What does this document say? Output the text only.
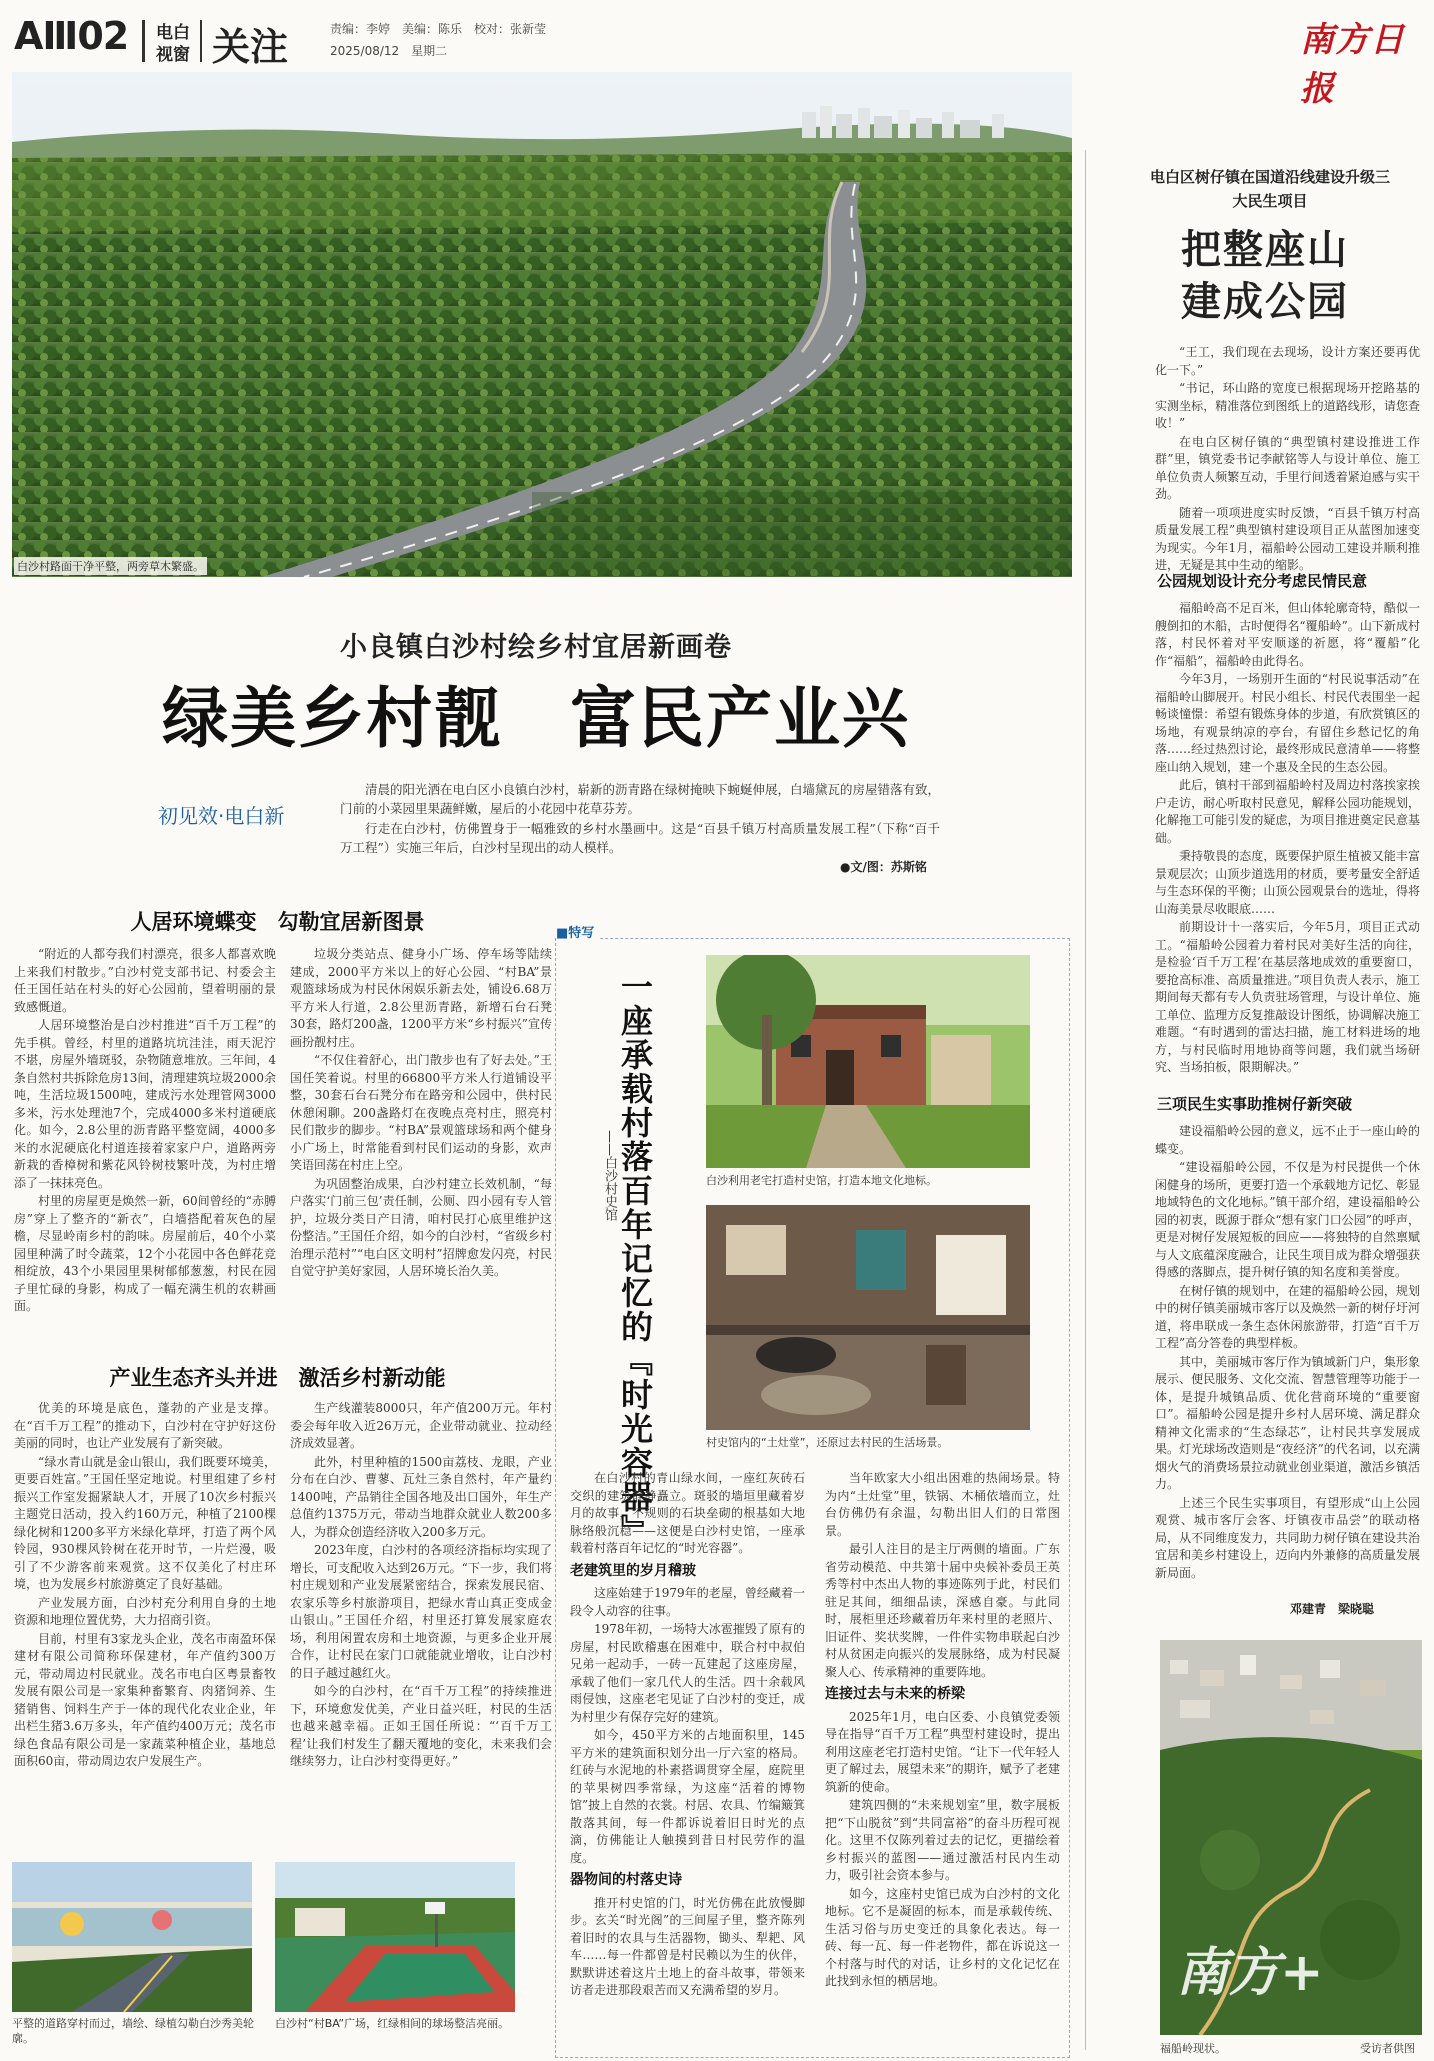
AⅢ02 电白
视窗 关注	责编：李婷　美编：陈乐　校对：张新莹
2025/08/12　星期二	南方日报
白沙村路面干净平整，两旁草木繁盛。
小良镇白沙村绘乡村宜居新画卷
绿美乡村靓　富民产业兴
初见效·电白新

清晨的阳光洒在电白区小良镇白沙村，崭新的沥青路在绿树掩映下蜿蜒伸展，白墙黛瓦的房屋错落有致，门前的小菜园里果蔬鲜嫩，屋后的小花园中花草芬芳。

行走在白沙村，仿佛置身于一幅雅致的乡村水墨画中。这是“百县千镇万村高质量发展工程”（下称“百千万工程”）实施三年后，白沙村呈现出的动人模样。

●文/图：苏斯铭
人居环境蝶变　勾勒宜居新图景

“附近的人都夸我们村漂亮，很多人都喜欢晚上来我们村散步。”白沙村党支部书记、村委会主任王国任站在村头的好心公园前，望着明丽的景致感慨道。

人居环境整治是白沙村推进“百千万工程”的先手棋。曾经，村里的道路坑坑洼洼，雨天泥泞不堪，房屋外墙斑驳，杂物随意堆放。三年间，4条自然村共拆除危房13间，清理建筑垃圾2000余吨，生活垃圾1500吨，建成污水处理管网3000多米，污水处理池7个，完成4000多米村道硬底化。如今，2.8公里的沥青路平整宽阔，4000多米的水泥硬底化村道连接着家家户户，道路两旁新栽的香樟树和紫花风铃树枝繁叶茂，为村庄增添了一抹抹亮色。

村里的房屋更是焕然一新，60间曾经的“赤膊房”穿上了整齐的“新衣”，白墙搭配着灰色的屋檐，尽显岭南乡村的韵味。房屋前后，40个小菜园里种满了时令蔬菜，12个小花园中各色鲜花竞相绽放，43个小果园里果树郁郁葱葱，村民在园子里忙碌的身影，构成了一幅充满生机的农耕画面。

垃圾分类站点、健身小广场、停车场等陆续建成，2000平方米以上的好心公园、“村BA”景观篮球场成为村民休闲娱乐新去处，铺设6.68万平方米人行道，2.8公里沥青路，新增石台石凳30套，路灯200盏，1200平方米“乡村振兴”宣传画扮靓村庄。

“不仅住着舒心，出门散步也有了好去处。”王国任笑着说。村里的66800平方米人行道铺设平整，30套石台石凳分布在路旁和公园中，供村民休憩闲聊。200盏路灯在夜晚点亮村庄，照亮村民们散步的脚步。“村BA”景观篮球场和两个健身小广场上，时常能看到村民们运动的身影，欢声笑语回荡在村庄上空。

为巩固整治成果，白沙村建立长效机制，“每户落实‘门前三包’责任制，公厕、四小园有专人管护，垃圾分类日产日清，咱村民打心底里维护这份整洁。”王国任介绍，如今的白沙村，“省级乡村治理示范村”“电白区文明村”招牌愈发闪亮，村民自觉守护美好家园，人居环境长治久美。

产业生态齐头并进　激活乡村新动能

优美的环境是底色，蓬勃的产业是支撑。在“百千万工程”的推动下，白沙村在守护好这份美丽的同时，也让产业发展有了新突破。

“绿水青山就是金山银山，我们既要环境美，更要百姓富。”王国任坚定地说。村里组建了乡村振兴工作室发掘紧缺人才，开展了10次乡村振兴主题党日活动，投入约160万元，种植了2100棵绿化树和1200多平方米绿化草坪，打造了两个风铃园，930棵风铃树在花开时节，一片烂漫，吸引了不少游客前来观赏。这不仅美化了村庄环境，也为发展乡村旅游奠定了良好基础。

产业发展方面，白沙村充分利用自身的土地资源和地理位置优势，大力招商引资。

目前，村里有3家龙头企业，茂名市南盈环保建材有限公司简称环保建材，年产值约300万元，带动周边村民就业。茂名市电白区粤景畜牧发展有限公司是一家集种畜繁育、肉猪饲养、生猪销售、饲料生产于一体的现代化农业企业，年出栏生猪3.6万多头，年产值约400万元；茂名市绿色食品有限公司是一家蔬菜种植企业，基地总面积60亩，带动周边农户发展生产。

生产线灌装8000只，年产值200万元。年村委会每年收入近26万元，企业带动就业、拉动经济成效显著。

此外，村里种植的1500亩荔枝、龙眼，产业分布在白沙、曹蓼、瓦灶三条自然村，年产量约1400吨，产品销往全国各地及出口国外，年生产总值约1375万元，带动当地群众就业人数200多人，为群众创造经济收入200多万元。

2023年度，白沙村的各项经济指标均实现了增长，可支配收入达到26万元。“下一步，我们将村庄规划和产业发展紧密结合，探索发展民宿、农家乐等乡村旅游项目，把绿水青山真正变成金山银山。”王国任介绍，村里还打算发展家庭农场，利用闲置农房和土地资源，与更多企业开展合作，让村民在家门口就能就业增收，让白沙村的日子越过越红火。

如今的白沙村，在“百千万工程”的持续推进下，环境愈发优美，产业日益兴旺，村民的生活也越来越幸福。正如王国任所说：“‘百千万工程’让我们村发生了翻天覆地的变化，未来我们会继续努力，让白沙村变得更好。”

平整的道路穿村而过，墙绘、绿植勾勒白沙秀美轮廓。
白沙村“村BA”广场，红绿相间的球场整洁亮丽。
■特写
一座承载村落百年记忆的『时光容器』
——白沙村史馆	白沙利用老宅打造村史馆，打造本地文化地标。
村史馆内的“土灶堂”，还原过去村民的生活场景。

在白沙村的青山绿水间，一座红灰砖石交织的建筑静静矗立。斑驳的墙垣里藏着岁月的故事，不规则的石块垒砌的根基如大地脉络般沉稳——这便是白沙村史馆，一座承载着村落百年记忆的“时光容器”。

老建筑里的岁月稽玻

这座始建于1979年的老屋，曾经藏着一段令人动容的往事。

1978年初，一场特大冰雹摧毁了原有的房屋，村民欧稽惠在困难中，联合村中叔伯兄弟一起动手，一砖一瓦建起了这座房屋，承载了他们一家几代人的生活。四十余载风雨侵蚀，这座老宅见证了白沙村的变迁，成为村里少有保存完好的建筑。

如今，450平方米的占地面积里，145平方米的建筑面积划分出一厅六室的格局。红砖与水泥地的朴素搭调贯穿全屋，庭院里的苹果树四季常绿，为这座“活着的博物馆”披上自然的衣裳。村居、农具、竹编簸箕散落其间，每一件都诉说着旧日时光的点滴，仿佛能让人触摸到昔日村民劳作的温度。

器物间的村落史诗

推开村史馆的门，时光仿佛在此放慢脚步。玄关“时光阁”的三间屋子里，整齐陈列着旧时的农具与生活器物，锄头、犁耙、风车……每一件都曾是村民赖以为生的伙伴，默默讲述着这片土地上的奋斗故事，带领来访者走进那段艰苦而又充满希望的岁月。

当年欧家大小组出困难的热闹场景。特为内“土灶堂”里，铁锅、木桶依墙而立，灶台仿佛仍有余温，勾勒出旧人们的日常图景。

最引人注目的是主厅两侧的墙面。广东省劳动模范、中共第十届中央候补委员王英秀等村中杰出人物的事迹陈列于此，村民们驻足其间，细细品读，深感自豪。与此同时，展柜里还珍藏着历年来村里的老照片、旧证件、奖状奖牌，一件件实物串联起白沙村从贫困走向振兴的发展脉络，成为村民凝聚人心、传承精神的重要阵地。

连接过去与未来的桥梁

2025年1月，电白区委、小良镇党委领导在指导“百千万工程”典型村建设时，提出利用这座老宅打造村史馆。“让下一代年轻人更了解过去，展望未来”的期许，赋予了老建筑新的使命。

建筑四侧的“未来规划室”里，数字展板把“下山脱贫”到“共同富裕”的奋斗历程可视化。这里不仅陈列着过去的记忆，更描绘着乡村振兴的蓝图——通过激活村民内生动力，吸引社会资本参与。

如今，这座村史馆已成为白沙村的文化地标。它不是凝固的标本，而是承载传统、生活习俗与历史变迁的具象化表达。每一砖、每一瓦、每一件老物件，都在诉说这一个村落与时代的对话，让乡村的文化记忆在此找到永恒的栖居地。

电白区树仔镇在国道沿线建设升级三大民生项目
把整座山
建成公园

“王工，我们现在去现场，设计方案还要再优化一下。”

“书记，环山路的宽度已根据现场开挖路基的实测坐标，精准落位到图纸上的道路线形，请您查收！”

在电白区树仔镇的“典型镇村建设推进工作群”里，镇党委书记李献铭等人与设计单位、施工单位负责人频繁互动，手里行间透着紧迫感与实干劲。

随着一项项进度实时反馈，“百县千镇万村高质量发展工程”典型镇村建设项目正从蓝图加速变为现实。今年1月，福船岭公园动工建设并顺利推进，无疑是其中生动的缩影。

公园规划设计充分考虑民情民意

福船岭高不足百米，但山体轮廓奇特，酷似一艘倒扣的木船，古时便得名“覆船岭”。山下新成村落，村民怀着对平安顺遂的祈愿，将“覆船”化作“福船”，福船岭由此得名。

今年3月，一场别开生面的“村民说事活动”在福船岭山脚展开。村民小组长、村民代表围坐一起畅谈憧憬：希望有锻炼身体的步道，有欣赏镇区的场地，有观景纳凉的亭台，有留住乡愁记忆的角落……经过热烈讨论，最终形成民意清单——将整座山纳入规划，建一个惠及全民的生态公园。

此后，镇村干部到福船岭村及周边村落挨家挨户走访，耐心听取村民意见，解释公园功能规划，化解拖工可能引发的疑虑，为项目推进奠定民意基础。

秉持敬畏的态度，既要保护原生植被又能丰富景观层次；山顶步道选用的材质，要考量安全舒适与生态环保的平衡；山顶公园观景台的选址，得将山海美景尽收眼底……

前期设计十一落实后，今年5月，项目正式动工。“福船岭公园着力着村民对美好生活的向往，是检验‘百千万工程’在基层落地成效的重要窗口，要抢高标准、高质量推进。”项目负责人表示，施工期间每天都有专人负责驻场管理，与设计单位、施工单位、监理方反复推敲设计图纸，协调解决施工难题。“有时遇到的雷达扫描，施工材料进场的地方，与村民临时用地协商等问题，我们就当场研究、当场拍板，限期解决。”

三项民生实事助推树仔新突破

建设福船岭公园的意义，远不止于一座山岭的蝶变。

“建设福船岭公园，不仅是为村民提供一个休闲健身的场所，更要打造一个承载地方记忆、彰显地域特色的文化地标。”镇干部介绍，建设福船岭公园的初衷，既源于群众“想有家门口公园”的呼声，更是对树仔发展短板的回应——将独特的自然禀赋与人文底蕴深度融合，让民生项目成为群众增强获得感的落脚点，提升树仔镇的知名度和美誉度。

在树仔镇的规划中，在建的福船岭公园，规划中的树仔镇美丽城市客厅以及焕然一新的树仔圩河道，将串联成一条生态休闲旅游带，打造“百千万工程”高分答卷的典型样板。

其中，美丽城市客厅作为镇域新门户，集形象展示、便民服务、文化交流、智慧管理等功能于一体，是提升城镇品质、优化营商环境的“重要窗口”。福船岭公园是提升乡村人居环境、满足群众精神文化需求的“生态绿芯”，让村民共享发展成果。灯光球场改造则是“夜经济”的代名词，以充满烟火气的消费场景拉动就业创业渠道，激活乡镇活力。

上述三个民生实事项目，有望形成“山上公园观赏、城市客厅会客、圩镇夜市品尝”的联动格局，从不同维度发力，共同助力树仔镇在建设共治宜居和美乡村建设上，迈向内外兼修的高质量发展新局面。

邓建青　梁晓聪
南方+
福船岭现状。	受访者供图
